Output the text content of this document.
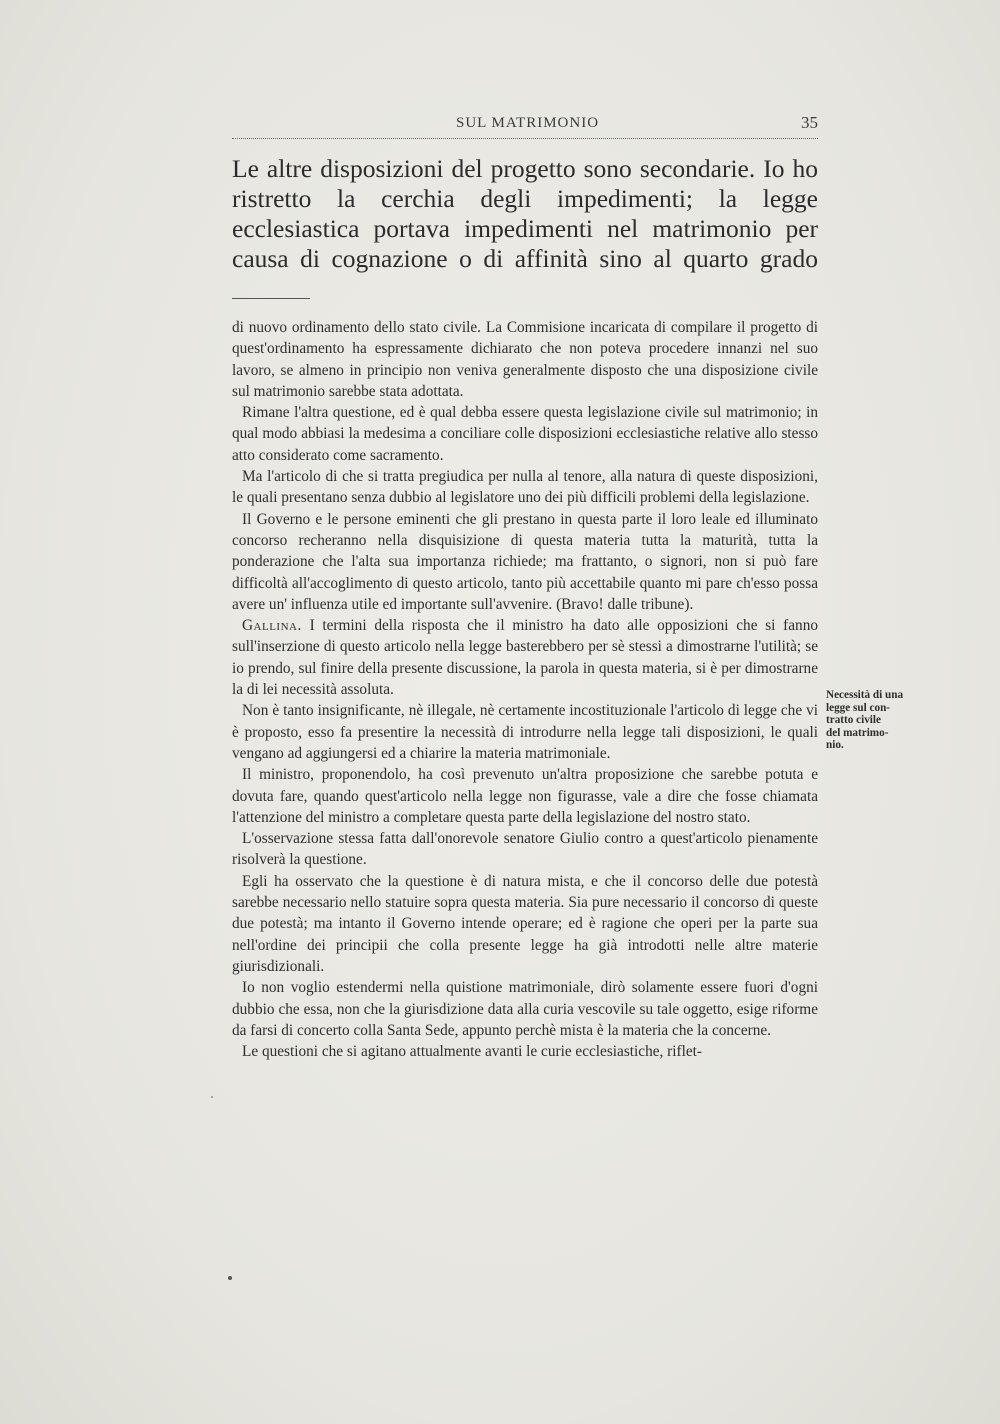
SUL MATRIMONIO	35

Le altre disposizioni del progetto sono secondarie. Io ho ristretto la cerchia degli impedimenti; la legge ecclesiastica portava impedimenti nel matrimonio per causa di cognazione o di affinità sino al quarto grado

di nuovo ordinamento dello stato civile. La Commisione incaricata di compilare il progetto di quest'ordinamento ha espressamente dichiarato che non poteva procedere innanzi nel suo lavoro, se almeno in principio non veniva generalmente disposto che una disposizione civile sul matrimonio sarebbe stata adottata.

Rimane l'altra questione, ed è qual debba essere questa legislazione civile sul matrimonio; in qual modo abbiasi la medesima a conciliare colle disposizioni ecclesiastiche relative allo stesso atto considerato come sacramento.

Ma l'articolo di che si tratta pregiudica per nulla al tenore, alla natura di queste disposizioni, le quali presentano senza dubbio al legislatore uno dei più difficili problemi della legislazione.

Il Governo e le persone eminenti che gli prestano in questa parte il loro leale ed illuminato concorso recheranno nella disquisizione di questa materia tutta la maturità, tutta la ponderazione che l'alta sua importanza richiede; ma frattanto, o signori, non si può fare difficoltà all'accoglimento di questo articolo, tanto più accettabile quanto mi pare ch'esso possa avere un' influenza utile ed importante sull'avvenire. (Bravo! dalle tribune).

Gallina. I termini della risposta che il ministro ha dato alle opposizioni che si fanno sull'inserzione di questo articolo nella legge basterebbero per sè stessi a dimostrarne l'utilità; se io prendo, sul finire della presente discussione, la parola in questa materia, si è per dimostrarne la di lei necessità assoluta.

Non è tanto insignificante, nè illegale, nè certamente incostituzionale l'articolo di legge che vi è proposto, esso fa presentire la necessità di introdurre nella legge tali disposizioni, le quali vengano ad aggiungersi ed a chiarire la materia matrimoniale.

Il ministro, proponendolo, ha così prevenuto un'altra proposizione che sarebbe potuta e dovuta fare, quando quest'articolo nella legge non figurasse, vale a dire che fosse chiamata l'attenzione del ministro a completare questa parte della legislazione del nostro stato.

L'osservazione stessa fatta dall'onorevole senatore Giulio contro a quest'articolo pienamente risolverà la questione.

Egli ha osservato che la questione è di natura mista, e che il concorso delle due potestà sarebbe necessario nello statuire sopra questa materia. Sia pure necessario il concorso di queste due potestà; ma intanto il Governo intende operare; ed è ragione che operi per la parte sua nell'ordine dei principii che colla presente legge ha già introdotti nelle altre materie giurisdizionali.

Io non voglio estendermi nella quistione matrimoniale, dirò solamente essere fuori d'ogni dubbio che essa, non che la giurisdizione data alla curia vescovile su tale oggetto, esige riforme da farsi di concerto colla Santa Sede, appunto perchè mista è la materia che la concerne.

Le questioni che si agitano attualmente avanti le curie ecclesiastiche, riflet-

Necessità di una
legge sul con-
tratto civile
del matrimo-
nio.
